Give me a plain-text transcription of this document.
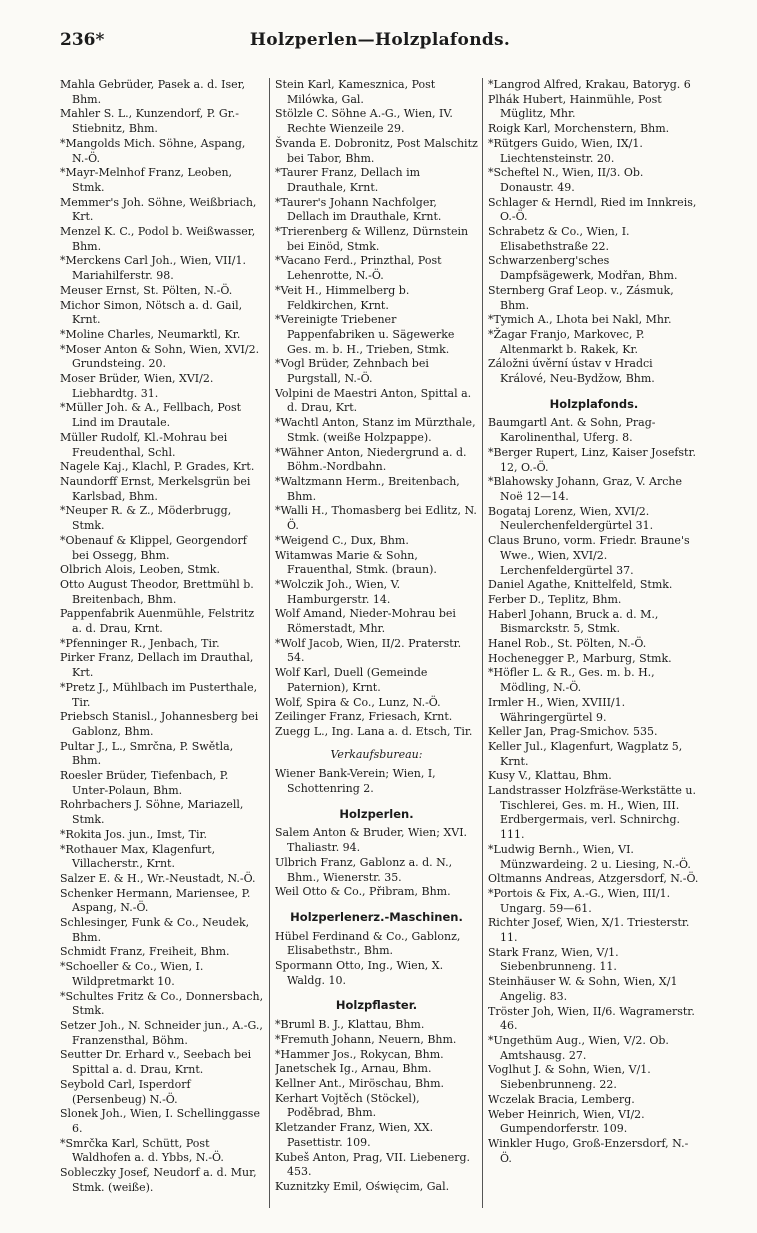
236*	Holzperlen—Holzplafonds.

Mahla Gebrüder, Pasek a. d. Iser, Bhm.

Mahler S. L., Kunzendorf, P. Gr.-Stiebnitz, Bhm.

*Mangolds Mich. Söhne, Aspang, N.-Ö.

*Mayr-Melnhof Franz, Leoben, Stmk.

Memmer's Joh. Söhne, Weißbriach, Krt.

Menzel K. C., Podol b. Weißwasser, Bhm.

*Merckens Carl Joh., Wien, VII/1. Mariahilferstr. 98.

Meuser Ernst, St. Pölten, N.-Ö.

Michor Simon, Nötsch a. d. Gail, Krnt.

*Moline Charles, Neumarktl, Kr.

*Moser Anton & Sohn, Wien, XVI/2. Grundsteing. 20.

Moser Brüder, Wien, XVI/2. Liebhardtg. 31.

*Müller Joh. & A., Fellbach, Post Lind im Drautale.

Müller Rudolf, Kl.-Mohrau bei Freudenthal, Schl.

Nagele Kaj., Klachl, P. Grades, Krt.

Naundorff Ernst, Merkelsgrün bei Karlsbad, Bhm.

*Neuper R. & Z., Möderbrugg, Stmk.

*Obenauf & Klippel, Georgendorf bei Ossegg, Bhm.

Olbrich Alois, Leoben, Stmk.

Otto August Theodor, Brettmühl b. Breitenbach, Bhm.

Pappenfabrik Auenmühle, Felstritz a. d. Drau, Krnt.

*Pfenninger R., Jenbach, Tir.

Pirker Franz, Dellach im Drauthal, Krt.

*Pretz J., Mühlbach im Pusterthale, Tir.

Priebsch Stanisl., Johannesberg bei Gablonz, Bhm.

Pultar J., L., Smrčna, P. Swětla, Bhm.

Roesler Brüder, Tiefenbach, P. Unter-Polaun, Bhm.

Rohrbachers J. Söhne, Mariazell, Stmk.

*Rokita Jos. jun., Imst, Tir.

*Rothauer Max, Klagenfurt, Villacherstr., Krnt.

Salzer E. & H., Wr.-Neustadt, N.-Ö.

Schenker Hermann, Mariensee, P. Aspang, N.-Ö.

Schlesinger, Funk & Co., Neudek, Bhm.

Schmidt Franz, Freiheit, Bhm.

*Schoeller & Co., Wien, I. Wildpretmarkt 10.

*Schultes Fritz & Co., Donnersbach, Stmk.

Setzer Joh., N. Schneider jun., A.-G., Franzensthal, Böhm.

Seutter Dr. Erhard v., Seebach bei Spittal a. d. Drau, Krnt.

Seybold Carl, Isperdorf (Persenbeug) N.-Ö.

Slonek Joh., Wien, I. Schellinggasse 6.

*Smrčka Karl, Schütt, Post Waldhofen a. d. Ybbs, N.-Ö.

Sobleczky Josef, Neudorf a. d. Mur, Stmk. (weiße).

Stein Karl, Kamesznica, Post Milówka, Gal.

Stölzle C. Söhne A.-G., Wien, IV. Rechte Wienzeile 29.

Švanda E. Dobronitz, Post Malschitz bei Tabor, Bhm.

*Taurer Franz, Dellach im Drauthale, Krnt.

*Taurer's Johann Nachfolger, Dellach im Drauthale, Krnt.

*Trierenberg & Willenz, Dürnstein bei Einöd, Stmk.

*Vacano Ferd., Prinzthal, Post Lehenrotte, N.-Ö.

*Veit H., Himmelberg b. Feldkirchen, Krnt.

*Vereinigte Triebener Pappenfabriken u. Sägewerke Ges. m. b. H., Trieben, Stmk.

*Vogl Brüder, Zehnbach bei Purgstall, N.-Ö.

Volpini de Maestri Anton, Spittal a. d. Drau, Krt.

*Wachtl Anton, Stanz im Mürzthale, Stmk. (weiße Holzpappe).

*Wähner Anton, Niedergrund a. d. Böhm.-Nordbahn.

*Waltzmann Herm., Breitenbach, Bhm.

*Walli H., Thomasberg bei Edlitz, N. Ö.

*Weigend C., Dux, Bhm.

Witamwas Marie & Sohn, Frauenthal, Stmk. (braun).

*Wolczik Joh., Wien, V. Hamburgerstr. 14.

Wolf Amand, Nieder-Mohrau bei Römerstadt, Mhr.

*Wolf Jacob, Wien, II/2. Praterstr. 54.

Wolf Karl, Duell (Gemeinde Paternion), Krnt.

Wolf, Spira & Co., Lunz, N.-Ö.

Zeilinger Franz, Friesach, Krnt.

Zuegg L., Ing. Lana a. d. Etsch, Tir.

Verkaufsbureau:

Wiener Bank-Verein; Wien, I, Schottenring 2.

Holzperlen.

Salem Anton & Bruder, Wien; XVI. Thaliastr. 94.

Ulbrich Franz, Gablonz a. d. N., Bhm., Wienerstr. 35.

Weil Otto & Co., Přibram, Bhm.

Holzperlenerz.-Maschinen.

Hübel Ferdinand & Co., Gablonz, Elisabethstr., Bhm.

Spormann Otto, Ing., Wien, X. Waldg. 10.

Holzpflaster.

*Bruml B. J., Klattau, Bhm.

*Fremuth Johann, Neuern, Bhm.

*Hammer Jos., Rokycan, Bhm.

Janetschek Ig., Arnau, Bhm.

Kellner Ant., Miröschau, Bhm.

Kerhart Vojtěch (Stöckel), Poděbrad, Bhm.

Kletzander Franz, Wien, XX. Pasettistr. 109.

Kubeš Anton, Prag, VII. Liebenerg. 453.

Kuznitzky Emil, Oświęcim, Gal.

*Langrod Alfred, Krakau, Batoryg. 6

Plhák Hubert, Hainmühle, Post Müglitz, Mhr.

Roigk Karl, Morchenstern, Bhm.

*Rütgers Guido, Wien, IX/1. Liechtensteinstr. 20.

*Scheftel N., Wien, II/3. Ob. Donaustr. 49.

Schlager & Herndl, Ried im Innkreis, O.-Ö.

Schrabetz & Co., Wien, I. Elisabethstraße 22.

Schwarzenberg'sches Dampfsägewerk, Modřan, Bhm.

Sternberg Graf Leop. v., Zásmuk, Bhm.

*Tymich A., Lhota bei Nakl, Mhr.

*Žagar Franjo, Markovec, P. Altenmarkt b. Rakek, Kr.

Záložni úvěrní ústav v Hradci Králové, Neu-Bydžow, Bhm.

Holzplafonds.

Baumgartl Ant. & Sohn, Prag-Karolinenthal, Uferg. 8.

*Berger Rupert, Linz, Kaiser Josefstr. 12, O.-Ö.

*Blahowsky Johann, Graz, V. Arche Noë 12—14.

Bogataj Lorenz, Wien, XVI/2. Neulerchenfeldergürtel 31.

Claus Bruno, vorm. Friedr. Braune's Wwe., Wien, XVI/2. Lerchenfeldergürtel 37.

Daniel Agathe, Knittelfeld, Stmk.

Ferber D., Teplitz, Bhm.

Haberl Johann, Bruck a. d. M., Bismarckstr. 5, Stmk.

Hanel Rob., St. Pölten, N.-Ö.

Hochenegger P., Marburg, Stmk.

*Höfler L. & R., Ges. m. b. H., Mödling, N.-Ö.

Irmler H., Wien, XVIII/1. Währingergürtel 9.

Keller Jan, Prag-Smichov. 535.

Keller Jul., Klagenfurt, Wagplatz 5, Krnt.

Kusy V., Klattau, Bhm.

Landstrasser Holzfräse-Werkstätte u. Tischlerei, Ges. m. H., Wien, III. Erdbergermais, verl. Schnirchg. 111.

*Ludwig Bernh., Wien, VI. Münzwardeing. 2 u. Liesing, N.-Ö.

Oltmanns Andreas, Atzgersdorf, N.-Ö.

*Portois & Fix, A.-G., Wien, III/1. Ungarg. 59—61.

Richter Josef, Wien, X/1. Triesterstr. 11.

Stark Franz, Wien, V/1. Siebenbrunneng. 11.

Steinhäuser W. & Sohn, Wien, X/1 Angelig. 83.

Tröster Joh, Wien, II/6. Wagramerstr. 46.

*Ungethüm Aug., Wien, V/2. Ob. Amtshausg. 27.

Voglhut J. & Sohn, Wien, V/1. Siebenbrunneng. 22.

Wczelak Bracia, Lemberg.

Weber Heinrich, Wien, VI/2. Gumpendorferstr. 109.

Winkler Hugo, Groß-Enzersdorf, N.-Ö.
